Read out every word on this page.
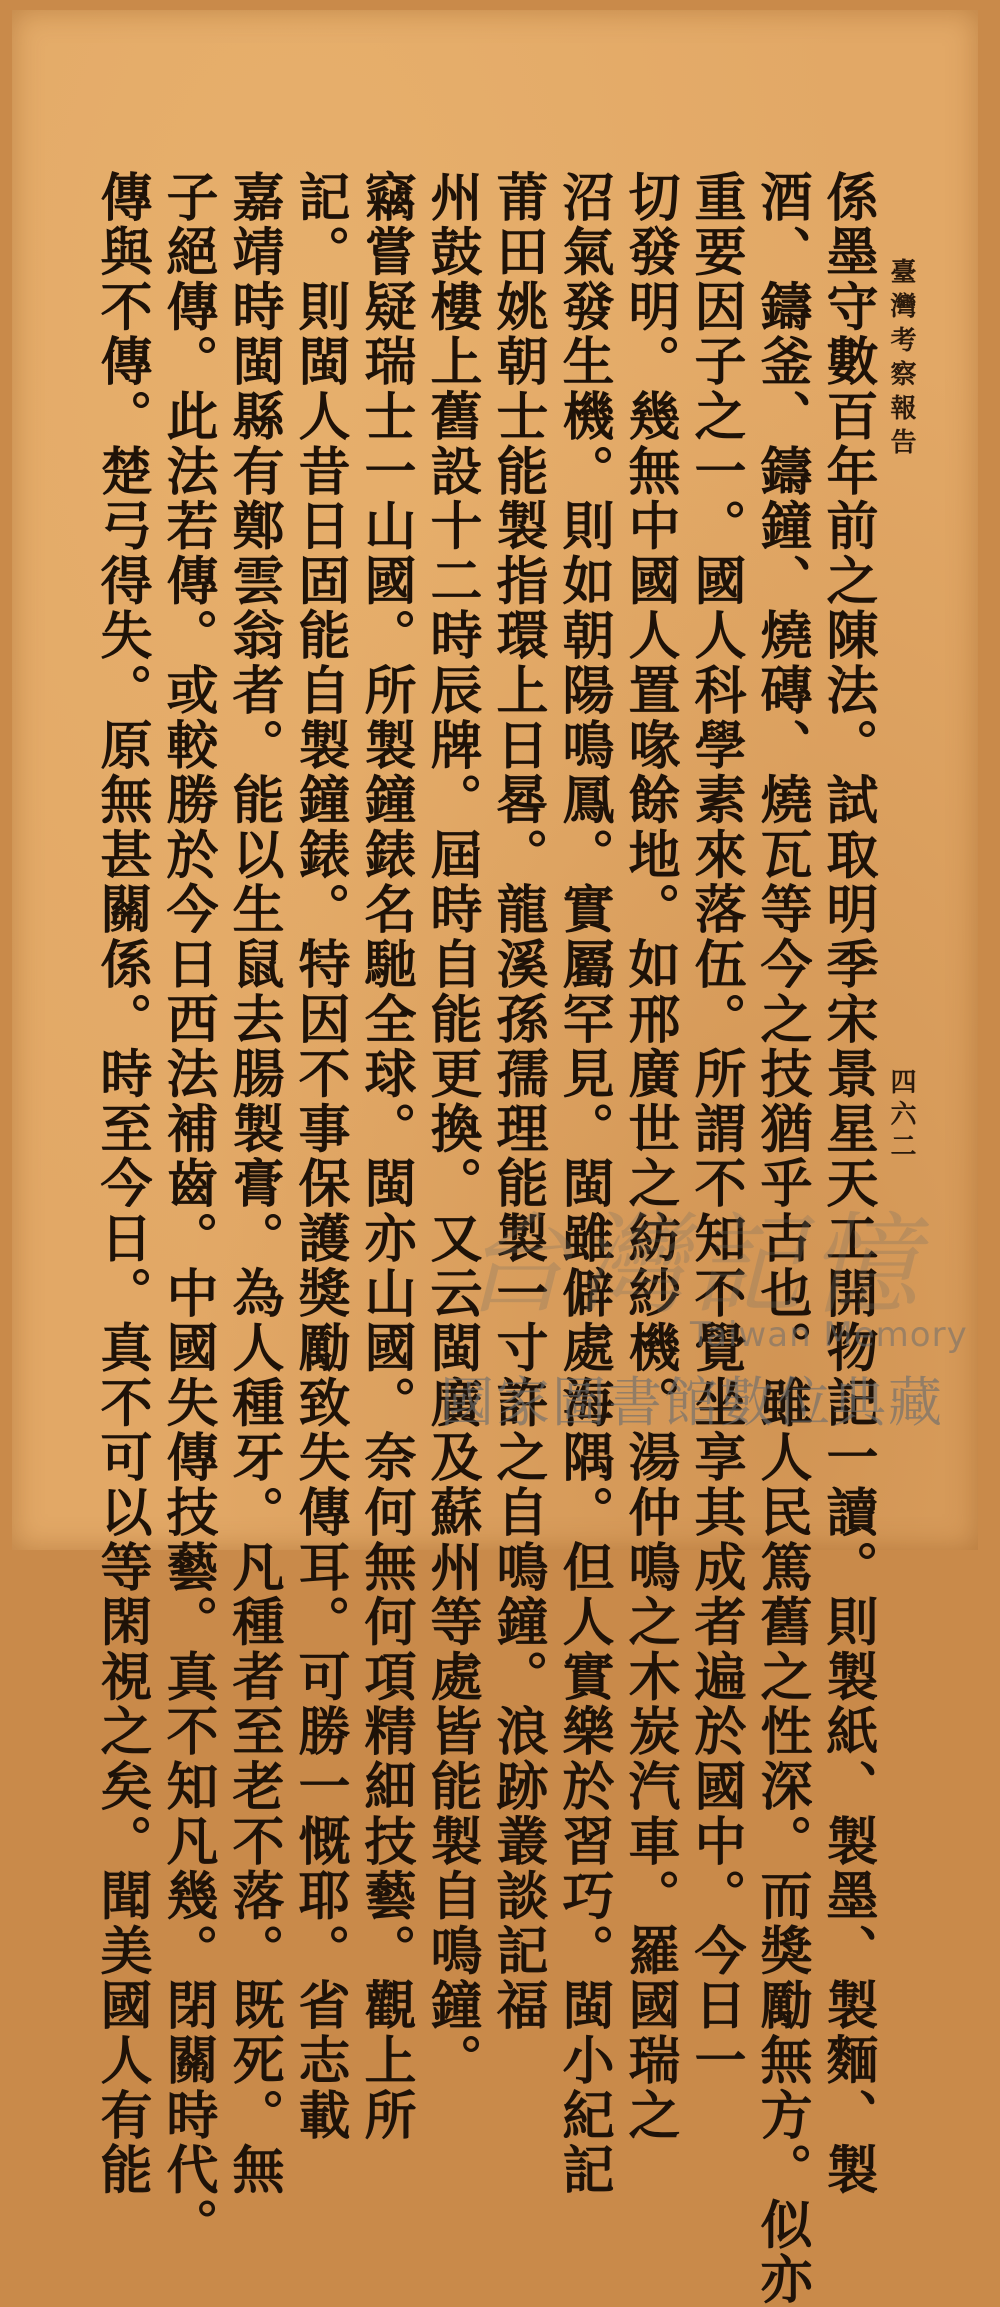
臺灣考察報告
四六二
係墨守數百年前之陳法。試取明季宋景星天工開物記一讀。則製紙、製墨、製麵、製
酒、鑄釜、鑄鐘、燒磚、燒瓦等今之技猶乎古也。雖人民篤舊之性深。而獎勵無方。似亦
重要因子之一。國人科學素來落伍。所謂不知不覺坐享其成者遍於國中。今日一
切發明。幾無中國人置喙餘地。如邢廣世之紡紗機。湯仲鳴之木炭汽車。羅國瑞之
沼氣發生機。則如朝陽鳴鳳。實屬罕見。閩雖僻處海隅。但人實樂於習巧。閩小紀記
莆田姚朝士能製指環上日晷。龍溪孫孺理能製一寸許之自鳴鐘。浪跡叢談記福
州鼓樓上舊設十二時辰牌。屆時自能更換。又云閩廣及蘇州等處皆能製自鳴鐘。
竊嘗疑瑞士一山國。所製鐘錶名馳全球。閩亦山國。奈何無何項精細技藝。觀上所
記。則閩人昔日固能自製鐘錶。特因不事保護獎勵致失傳耳。可勝一慨耶。省志載
嘉靖時閩縣有鄭雲翁者。能以生鼠去腸製膏。為人種牙。凡種者至老不落。既死。無
子絕傳。此法若傳。或較勝於今日西法補齒。中國失傳技藝。真不知凡幾。閉關時代。
傳與不傳。楚弓得失。原無甚關係。時至今日。真不可以等閑視之矣。聞美國人有能	台灣記憶
Taiwan Memory
國家圖書館數位典藏
